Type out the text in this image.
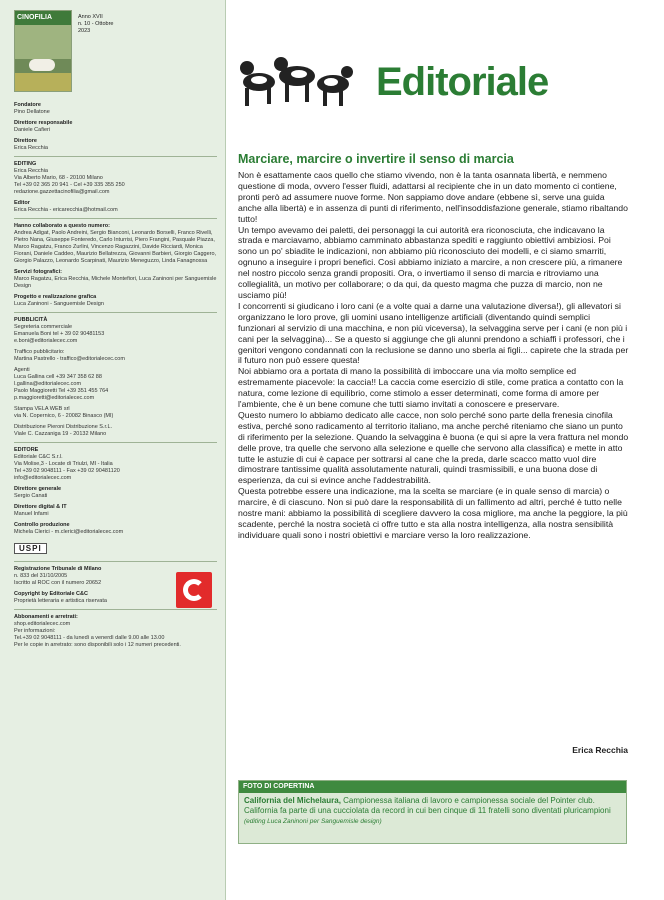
CINOFILIA	Anno XVII
n. 10 - Ottobre
2023
Fondatore
Pino Dellatone
Direttore responsabile
Daniele Cafieri
Direttore
Erica Recchia
EDITING
Erica Recchia
Via Alberto Mario, 68 - 20100 Milano
Tel +39 02 365 20 941 - Cel +39 335 355 250
redazione.gazzettacinofilia@gmail.com
Editor
Erica Recchia - ericarecchia@hotmail.com
Hanno collaborato a questo numero:
Andrea Adigat, Paolo Andreini, Sergio Bianconi, Leonardo Borselli, Franco Rivelli, Pietro Nana, Giuseppe Fonteredo, Carlo Inturrisi, Piero Frangini, Pasquale Piazza, Marco Ragatzu, Franco Zurlini, Vincenzo Ragazzini, Davide Ricciardi, Monica Fiorani, Daniele Caddeo, Maurizio Bellatrezza, Giovanni Barbieri, Giorgio Caggero, Giorgio Palazzo, Leonardo Scarpinati, Maurizio Meneguzzo, Linda Fanagnossa
Servizi fotografici:
Marco Ragatzu, Erica Recchia, Michele Montefiori, Luca Zaninoni per Sanguemisle Design
Progetto e realizzazione grafica
Luca Zaninoni - Sanguemisle Design
PUBBLICITÀ
Segreteria commerciale
Emanuela Boni tel + 39 02 90481153
e.boni@editorialecec.com
Traffico pubblicitario:
Martina Pastrello - traffico@editorialecec.com
Agenti
Luca Gallina cell +39 347 358 62 88
l.gallina@editorialecec.com
Paolo Maggioretti Tel +39 351 455 764
p.maggioretti@editorialecec.com
Stampa VELA WEB srl
via N. Copernico, 6 - 20082 Binasco (MI)
Distribuzione Pieroni Distribuzione S.r.L.
Viale C. Cazzaniga 19 - 20132 Milano
EDITORE
Editoriale C&C S.r.l.
Via Molise,3 - Locate di Triulzi, MI - Italia
Tel +39 02 9048111 - Fax +39 02 90481120
info@editorialecec.com
Direttore generale
Sergio Canati
Direttore digital & IT
Manuel Infami
Controllo produzione
Michela Clerici - m.clerici@editorialecec.com
USPI
Registrazione Tribunale di Milano
n. 833 del 31/10/2005
Iscritto al ROC con il numero 20652
Copyright by Editoriale C&C
Proprietà letteraria e artistica riservata
Abbonamenti e arretrati:
shop.editorialecec.com
Per informazioni:
Tel.+39 02 9048111 - da lunedì a venerdì dalle 9.00 alle 13.00
Per le copie in arretrato: sono disponibili solo i 12 numeri precedenti.
Editoriale
Marciare, marcire o invertire il senso di marcia

Non è esattamente caos quello che stiamo vivendo, non è la tanta osannata libertà, e nemmeno questione di moda, ovvero l'esser fluidi, adattarsi al recipiente che in un dato momento ci contiene, pronti però ad assumere nuove forme. Non sappiamo dove andare (ebbene sì, serve una guida anche alla libertà) e in assenza di punti di riferimento, nell'insoddisfazione generale, stiamo ribaltando tutto!

Un tempo avevamo dei paletti, dei personaggi la cui autorità era riconosciuta, che indicavano la strada e marciavamo, abbiamo camminato abbastanza spediti e raggiunto obiettivi ambiziosi. Poi sono un po' sbiadite le indicazioni, non abbiamo più riconosciuto dei modelli, e ci siamo smarriti, ognuno a inseguire i propri benefici. Così abbiamo iniziato a marcire, a non crescere più, a rimanere nel nostro piccolo senza grandi propositi. Ora, o invertiamo il senso di marcia e ritroviamo una collegialità, un motivo per collaborare; o da qui, da questo magma che puzza di marcio, non ne usciamo più!

I concorrenti si giudicano i loro cani (e a volte quai a darne una valutazione diversa!), gli allevatori si organizzano le loro prove, gli uomini usano intelligenze artificiali (diventando quindi semplici funzionari al servizio di una macchina, e non più viceversa), la selvaggina serve per i cani (e non più i cani per la selvaggina)... Se a questo si aggiunge che gli alunni prendono a schiaffi i professori, che i genitori vengono condannati con la reclusione se danno uno sberla ai figli... capirete che la strada per il futuro non può essere questa!

Noi abbiamo ora a portata di mano la possibilità di imboccare una via molto semplice ed estremamente piacevole: la caccia!! La caccia come esercizio di stile, come pratica a contatto con la natura, come lezione di equilibrio, come stimolo a esser determinati, come forma di amore per l'ambiente, che è un bene comune che tutti siamo invitati a conoscere e preservare.

Questo numero lo abbiamo dedicato alle cacce, non solo perché sono parte della frenesia cinofila estiva, perché sono radicamento al territorio italiano, ma anche perché riteniamo che siano un punto di riferimento per la selezione. Quando la selvaggina è buona (e qui si apre la vera frattura nel mondo delle prove, tra quelle che servono alla selezione e quelle che servono alla classifica) e mette in atto tutte le astuzie di cui è capace per sottrarsi al cane che la preda, darle scacco matto vuol dire dimostrare tantissime qualità assolutamente naturali, quindi trasmissibili, e una buona dose di esperienza, da cui si evince anche l'addestrabilità.

Questa potrebbe essere una indicazione, ma la scelta se marciare (e in quale senso di marcia) o marcire, è di ciascuno. Non si può dare la responsabilità di un fallimento ad altri, perché è tutto nelle nostre mani: abbiamo la possibilità di scegliere davvero la cosa migliore, ma anche la peggiore, la più scadente, perché la nostra società ci offre tutto e sta alla nostra intelligenza, alla nostra sensibilità individuare quali sono i nostri obiettivi e marciare verso la loro realizzazione.

Erica Recchia
FOTO DI COPERTINA
California del Michelaura, Campionessa italiana di lavoro e campionessa sociale del Pointer club. California fa parte di una cucciolata da record in cui ben cinque di 11 fratelli sono diventati pluricampioni (editing Luca Zaninoni per Sanguemisle design)
